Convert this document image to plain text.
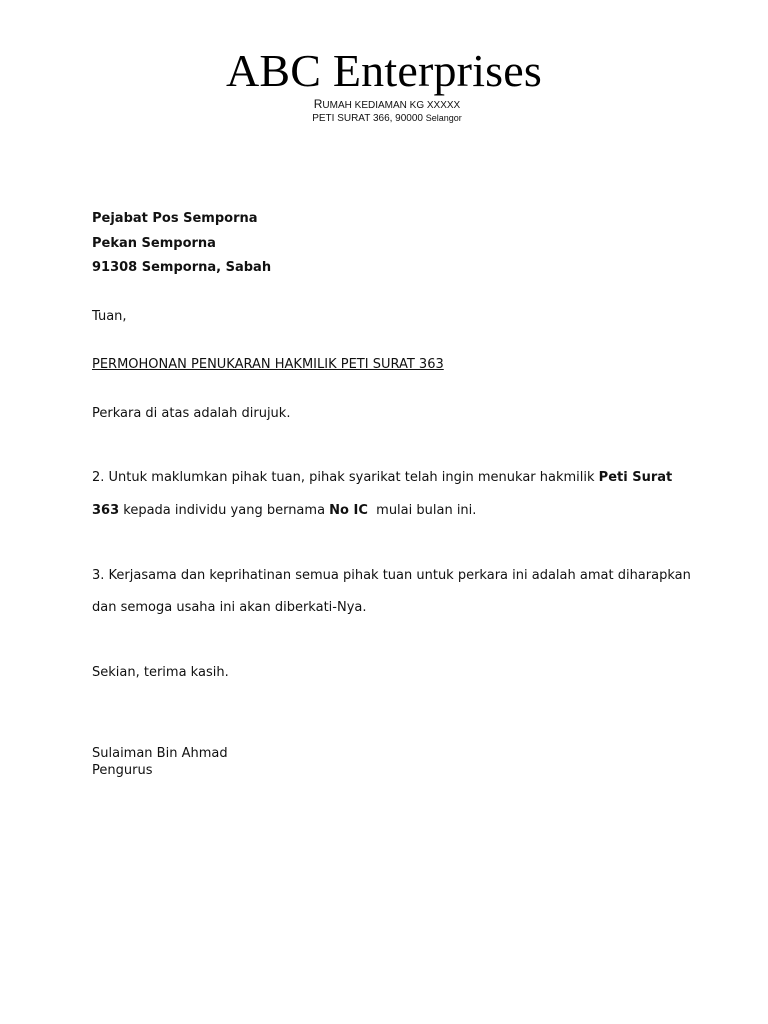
ABC Enterprises
RUMAH KEDIAMAN KG XXXXX
PETI SURAT 366, 90000 Selangor
Pejabat Pos Semporna
Pekan Semporna
91308 Semporna, Sabah
Tuan,
PERMOHONAN PENUKARAN HAKMILIK PETI SURAT 363
Perkara di atas adalah dirujuk.
2. Untuk maklumkan pihak tuan, pihak syarikat telah ingin menukar hakmilik Peti Surat
363 kepada individu yang bernama No IC  mulai bulan ini.
3. Kerjasama dan keprihatinan semua pihak tuan untuk perkara ini adalah amat diharapkan
dan semoga usaha ini akan diberkati-Nya.
Sekian, terima kasih.
Sulaiman Bin Ahmad
Pengurus
